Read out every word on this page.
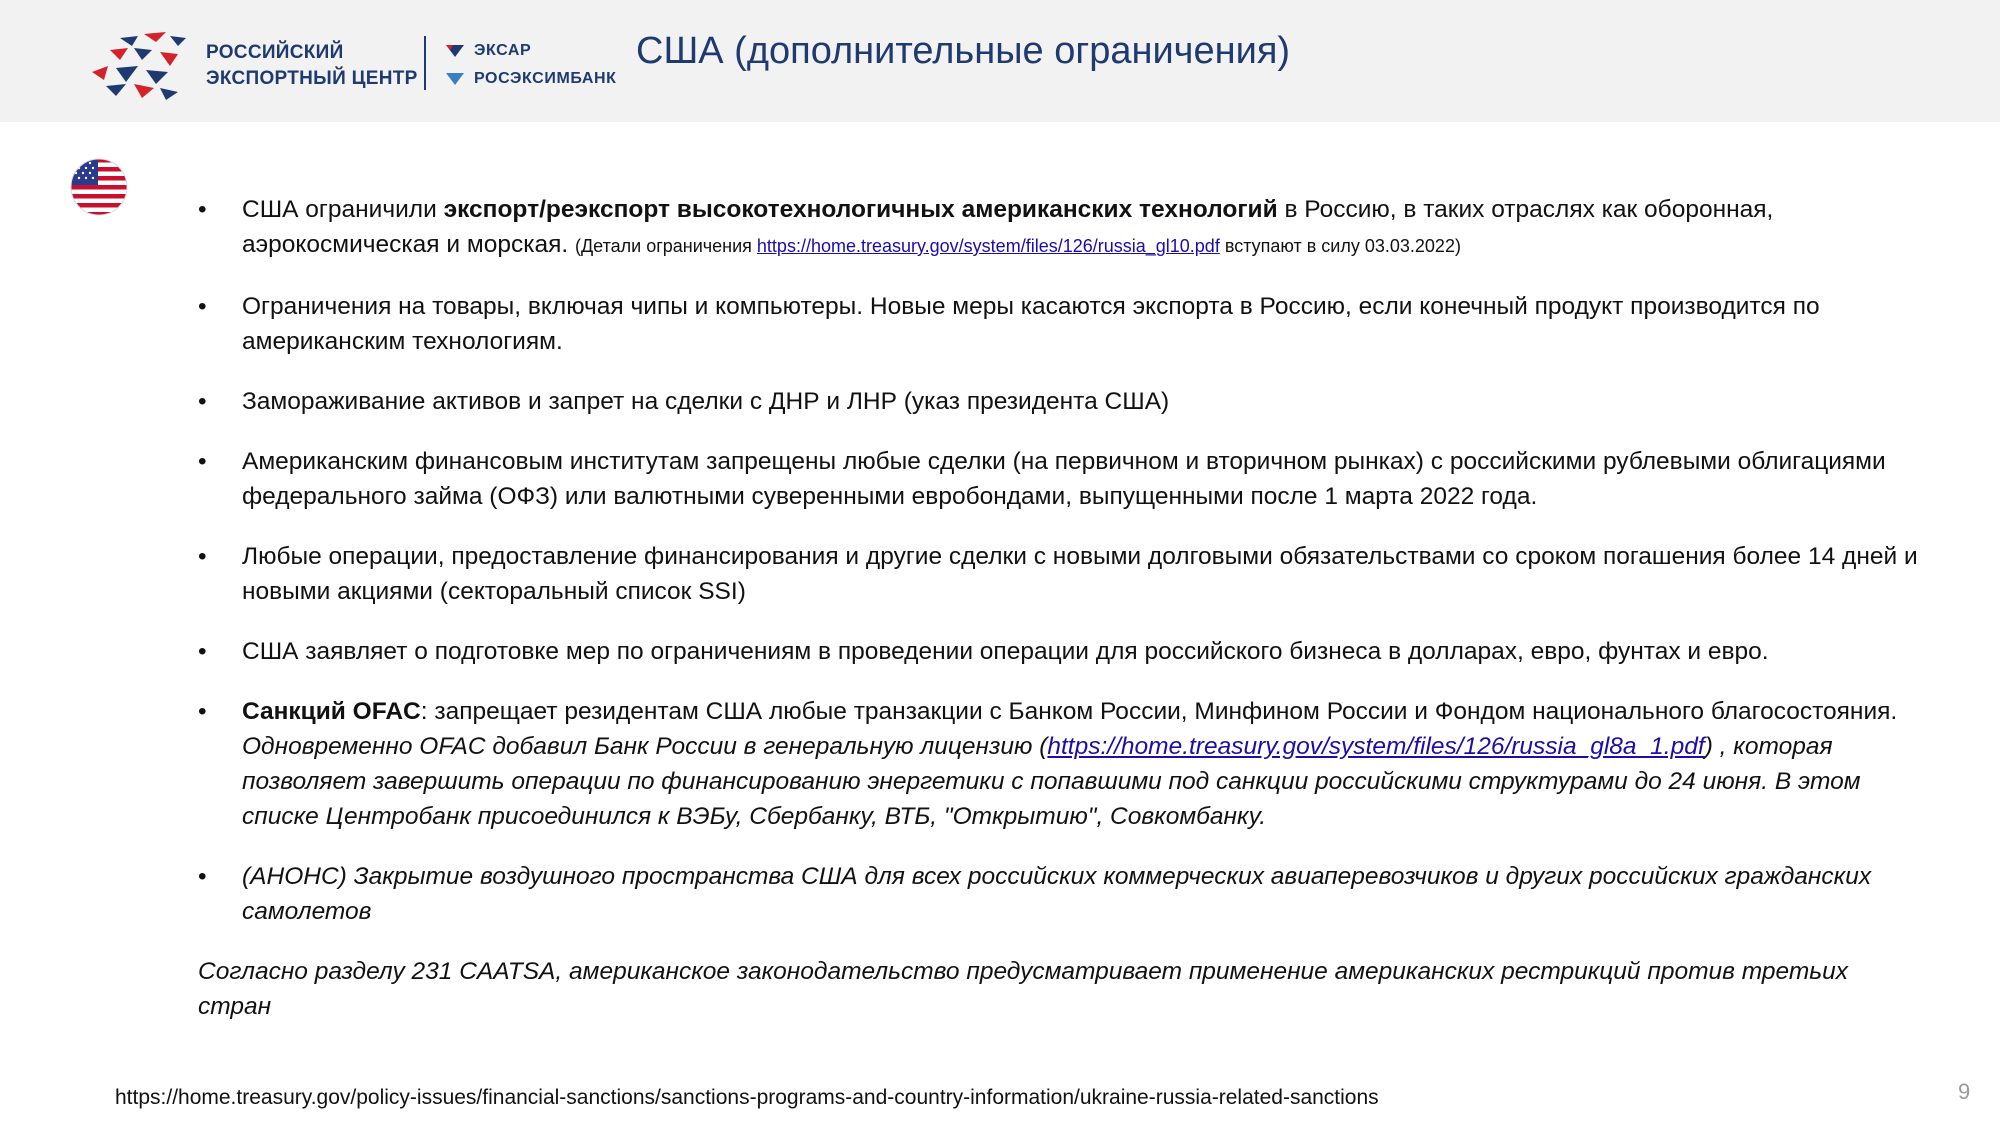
РОССИЙСКИЙ
ЭКСПОРТНЫЙ ЦЕНТР
ЭКСАР
РОСЭКСИМБАНК
США (дополнительные ограничения)
• США ограничили экспорт/реэкспорт высокотехнологичных американских технологий в Россию, в таких отраслях как оборонная, аэрокосмическая и морская. (Детали ограничения https://home.treasury.gov/system/files/126/russia_gl10.pdf вступают в силу 03.03.2022)
• Ограничения на товары, включая чипы и компьютеры. Новые меры касаются экспорта в Россию, если конечный продукт производится по американским технологиям.
• Замораживание активов и запрет на сделки с ДНР и ЛНР (указ президента США)
• Американским финансовым институтам запрещены любые сделки (на первичном и вторичном рынках) с российскими рублевыми облигациями федерального займа (ОФЗ) или валютными суверенными евробондами, выпущенными после 1 марта 2022 года.
• Любые операции, предоставление финансирования и другие сделки с новыми долговыми обязательствами со сроком погашения более 14 дней и новыми акциями (секторальный список SSI)
• США заявляет о подготовке мер по ограничениям в проведении операции для российского бизнеса в долларах, евро, фунтах и евро.
• Санкций OFAC: запрещает резидентам США любые транзакции с Банком России, Минфином России и Фондом национального благосостояния. Одновременно OFAC добавил Банк России в генеральную лицензию (https://home.treasury.gov/system/files/126/russia_gl8a_1.pdf) , которая позволяет завершить операции по финансированию энергетики с попавшими под санкции российскими структурами до 24 июня. В этом списке Центробанк присоединился к ВЭБу, Сбербанку, ВТБ, "Открытию", Совкомбанку.
• (АНОНС) Закрытие воздушного пространства США для всех российских коммерческих авиаперевозчиков и других российских гражданских самолетов
Согласно разделу 231 CAATSA, американское законодательство предусматривает применение американских рестрикций против третьих стран
https://home.treasury.gov/policy-issues/financial-sanctions/sanctions-programs-and-country-information/ukraine-russia-related-sanctions	9
